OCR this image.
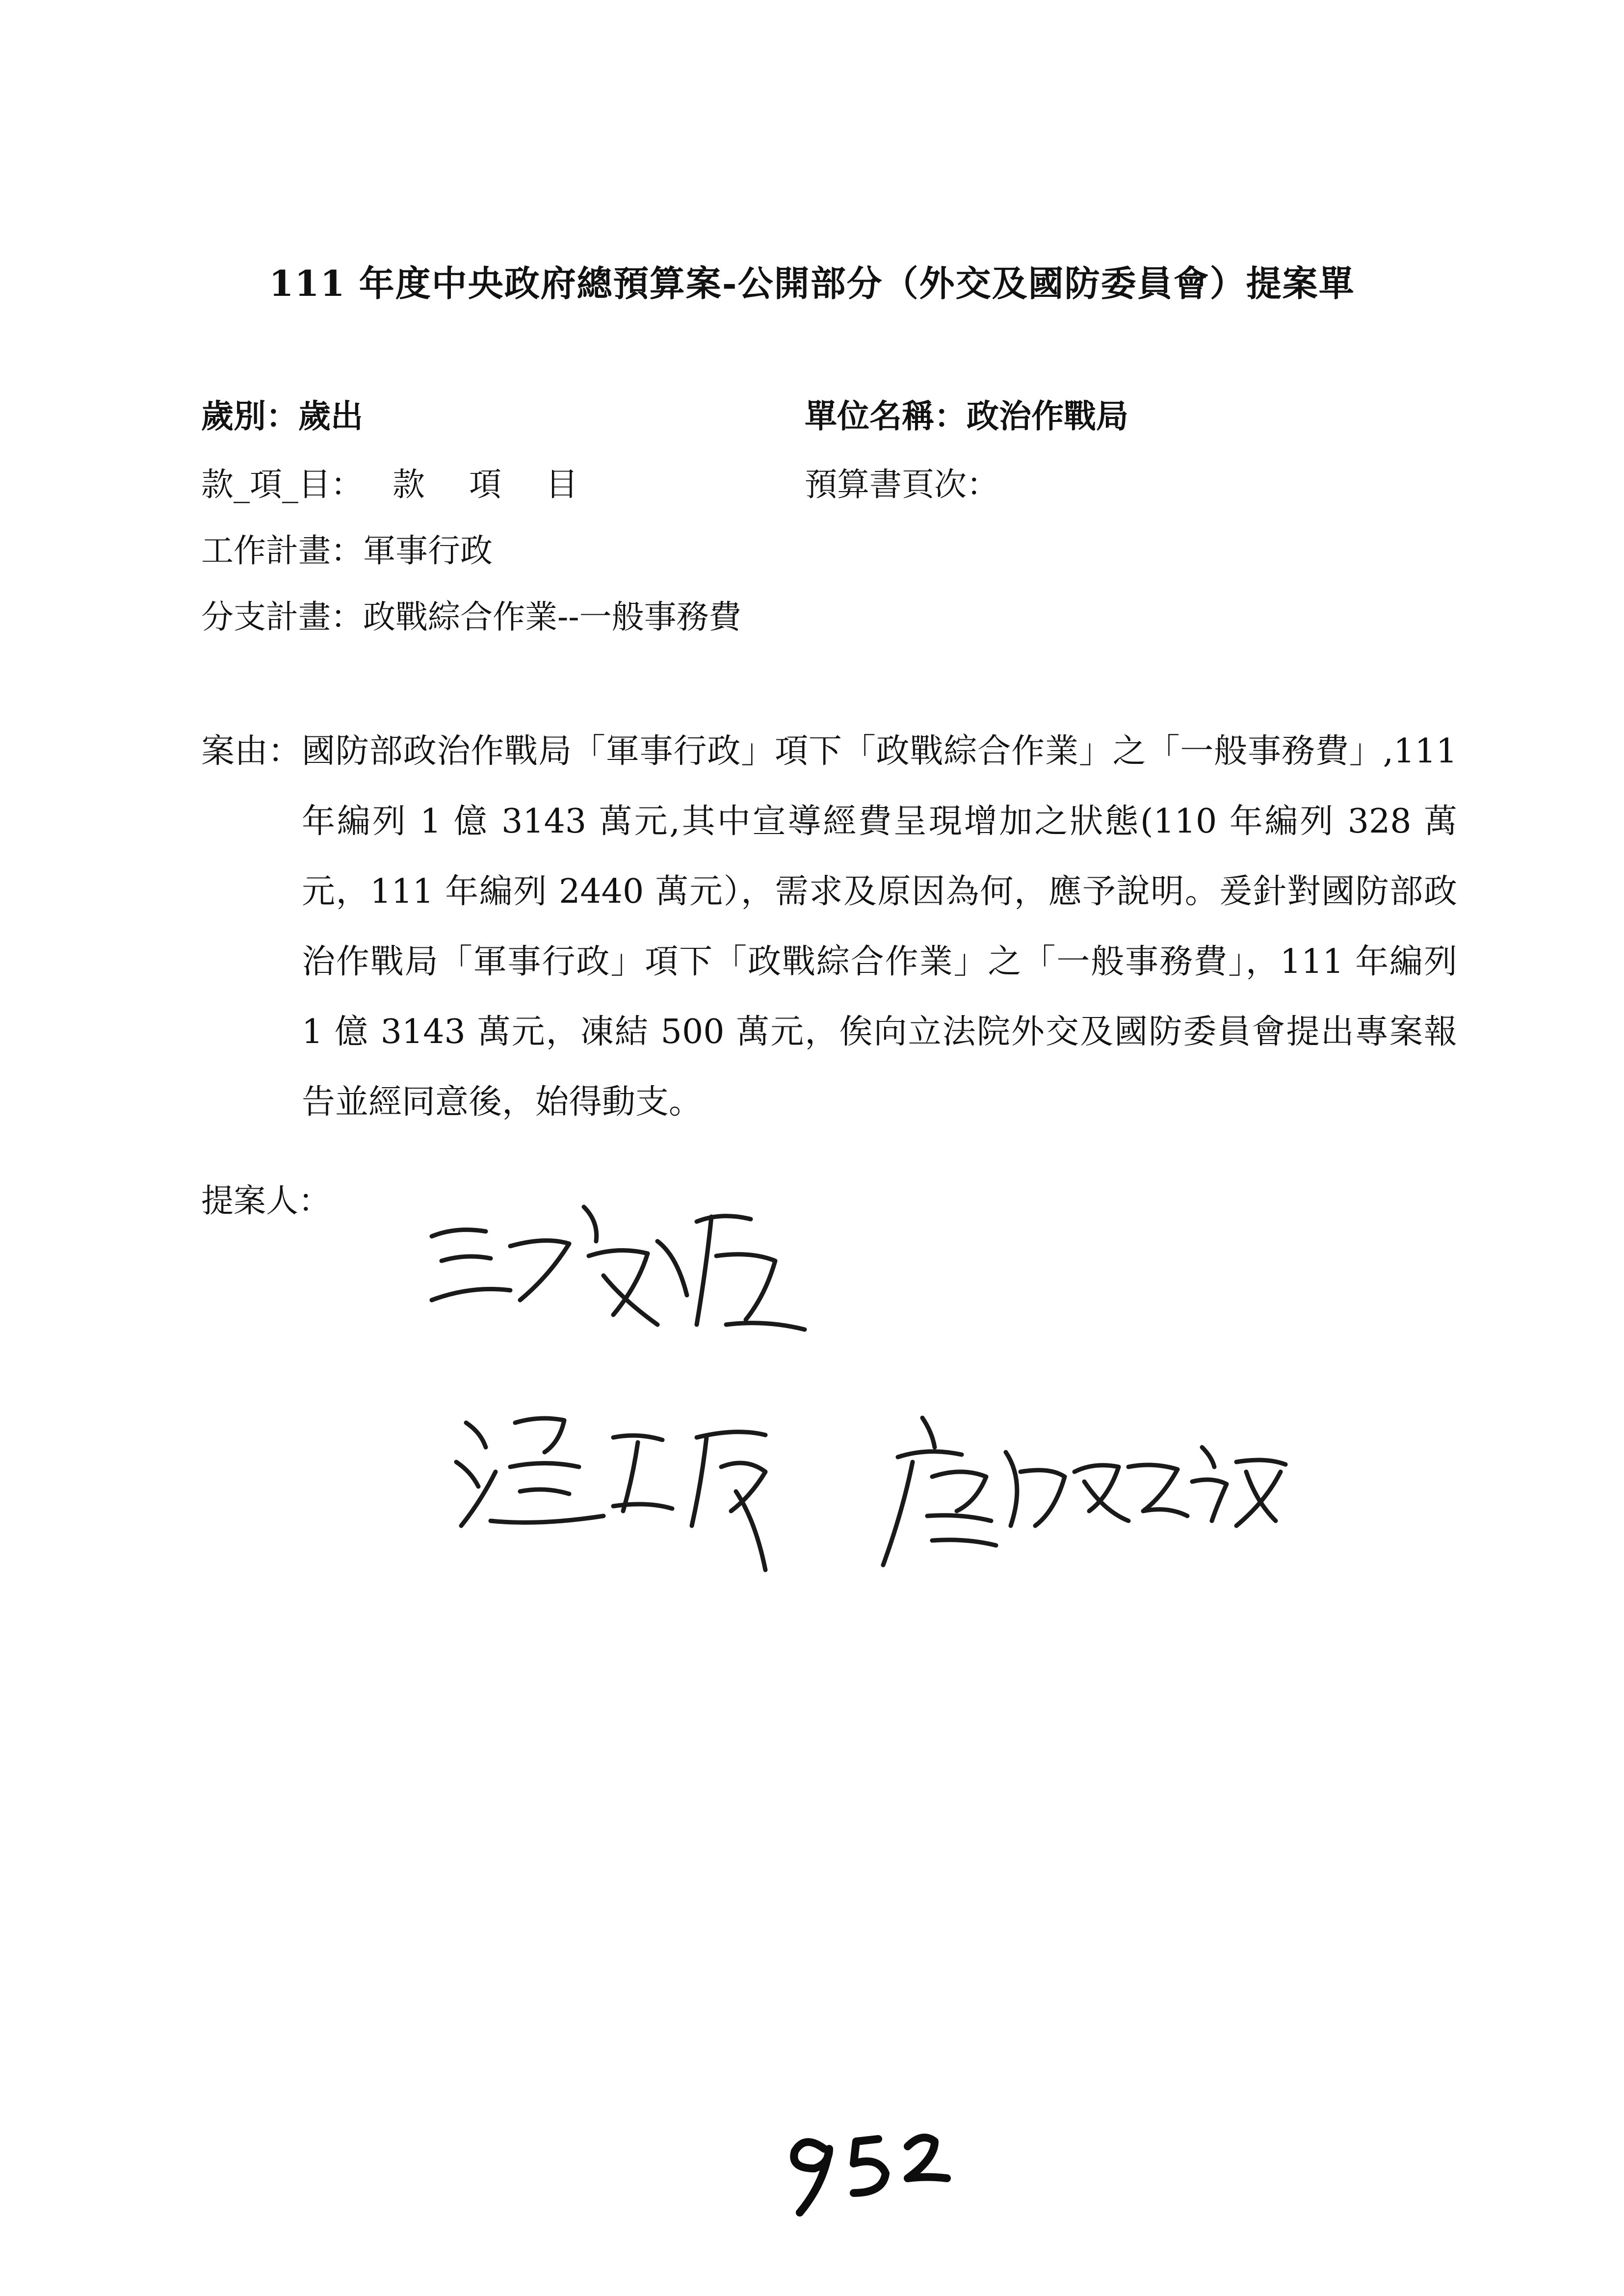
111 年度中央政府總預算案-公開部分（外交及國防委員會）提案單
歲別：歲出	單位名稱：政治作戰局
款_項_目： 款 項 目	預算書頁次：
工作計畫：軍事行政
分支計畫：政戰綜合作業--一般事務費
案由： 國防部政治作戰局「軍事行政」項下「政戰綜合作業」之「一般事務費」,111 年編列 1 億 3143 萬元,其中宣導經費呈現增加之狀態(110 年編列 328 萬元，111 年編列 2440 萬元），需求及原因為何，應予說明。爰針對國防部政治作戰局「軍事行政」項下「政戰綜合作業」之「一般事務費」，111 年編列 1 億 3143 萬元，凍結 500 萬元，俟向立法院外交及國防委員會提出專案報告並經同意後，始得動支。
提案人：
